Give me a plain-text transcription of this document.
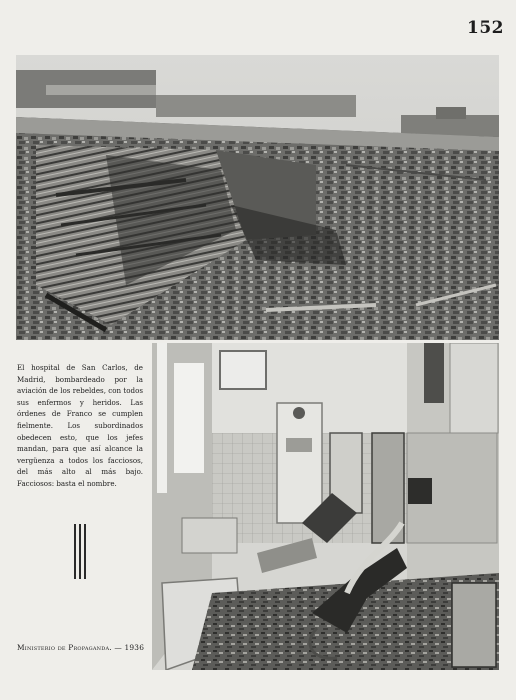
152
El hospital de San Carlos, de Madrid, bombardeado por la aviación de los rebeldes, con todos sus enfermos y heridos. Las órdenes de Franco se cumplen fielmente. Los subordinados obedecen esto, que los jefes mandan, para que así alcance la vergüenza a todos los facciosos, del más alto al más bajo. Facciosos: basta el nombre.
Ministerio de Propaganda. — 1936
